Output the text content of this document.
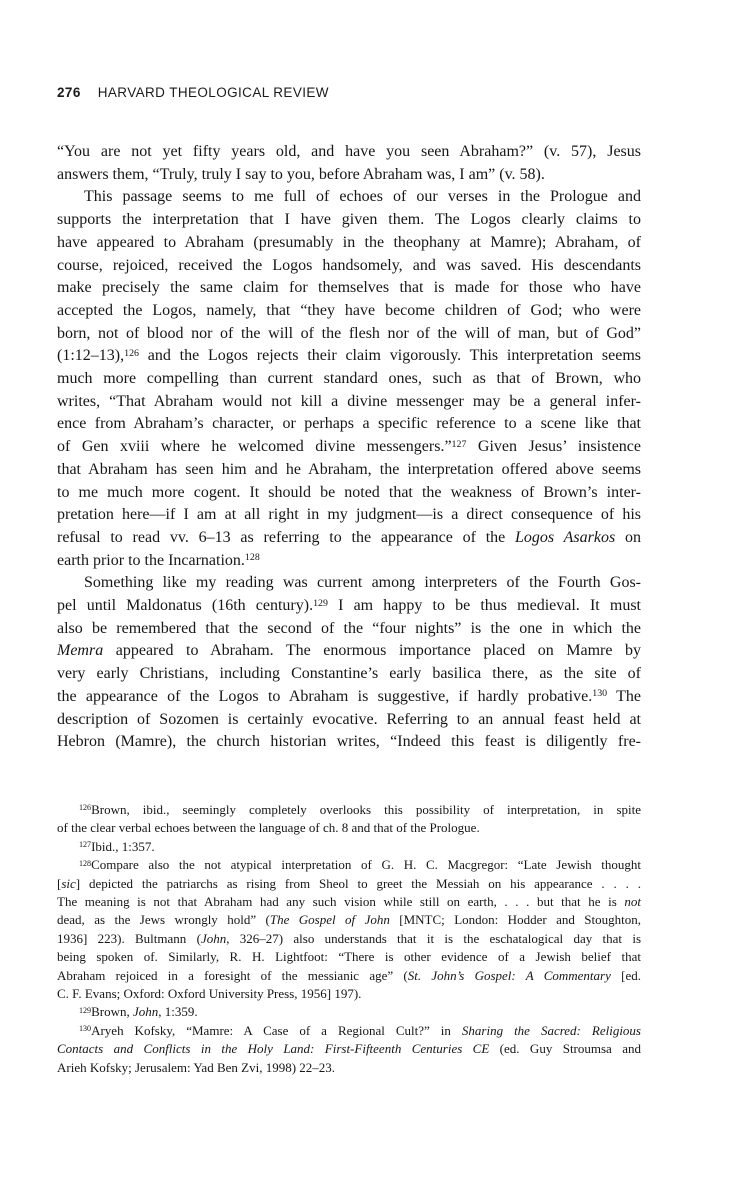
276 HARVARD THEOLOGICAL REVIEW
“You are not yet fifty years old, and have you seen Abraham?” (v. 57), Jesus
answers them, “Truly, truly I say to you, before Abraham was, I am” (v. 58).
This passage seems to me full of echoes of our verses in the Prologue and
supports the interpretation that I have given them. The Logos clearly claims to
have appeared to Abraham (presumably in the theophany at Mamre); Abraham, of
course, rejoiced, received the Logos handsomely, and was saved. His descendants
make precisely the same claim for themselves that is made for those who have
accepted the Logos, namely, that “they have become children of God; who were
born, not of blood nor of the will of the flesh nor of the will of man, but of God”
(1:12–13),$^{126}$ and the Logos rejects their claim vigorously. This interpretation seems
much more compelling than current standard ones, such as that of Brown, who
writes, “That Abraham would not kill a divine messenger may be a general infer-
ence from Abraham’s character, or perhaps a specific reference to a scene like that
of Gen xviii where he welcomed divine messengers.”$^{127}$ Given Jesus’ insistence
that Abraham has seen him and he Abraham, the interpretation offered above seems
to me much more cogent. It should be noted that the weakness of Brown’s inter-
pretation here—if I am at all right in my judgment—is a direct consequence of his
refusal to read vv. 6–13 as referring to the appearance of the Logos Asarkos on
earth prior to the Incarnation.$^{128}$
Something like my reading was current among interpreters of the Fourth Gos-
pel until Maldonatus (16th century).$^{129}$ I am happy to be thus medieval. It must
also be remembered that the second of the “four nights” is the one in which the
Memra appeared to Abraham. The enormous importance placed on Mamre by
very early Christians, including Constantine’s early basilica there, as the site of
the appearance of the Logos to Abraham is suggestive, if hardly probative.$^{130}$ The
description of Sozomen is certainly evocative. Referring to an annual feast held at
Hebron (Mamre), the church historian writes, “Indeed this feast is diligently fre-
$^{126}$Brown, ibid., seemingly completely overlooks this possibility of interpretation, in spite
of the clear verbal echoes between the language of ch. 8 and that of the Prologue.
$^{127}$Ibid., 1:357.
$^{128}$Compare also the not atypical interpretation of G. H. C. Macgregor: “Late Jewish thought
[sic] depicted the patriarchs as rising from Sheol to greet the Messiah on his appearance . . . .
The meaning is not that Abraham had any such vision while still on earth, . . . but that he is not
dead, as the Jews wrongly hold” (The Gospel of John [MNTC; London: Hodder and Stoughton,
1936] 223). Bultmann (John, 326–27) also understands that it is the eschatalogical day that is
being spoken of. Similarly, R. H. Lightfoot: “There is other evidence of a Jewish belief that
Abraham rejoiced in a foresight of the messianic age” (St. John’s Gospel: A Commentary [ed.
C. F. Evans; Oxford: Oxford University Press, 1956] 197).
$^{129}$Brown, John, 1:359.
$^{130}$Aryeh Kofsky, “Mamre: A Case of a Regional Cult?” in Sharing the Sacred: Religious
Contacts and Conflicts in the Holy Land: First-Fifteenth Centuries CE (ed. Guy Stroumsa and
Arieh Kofsky; Jerusalem: Yad Ben Zvi, 1998) 22–23.
